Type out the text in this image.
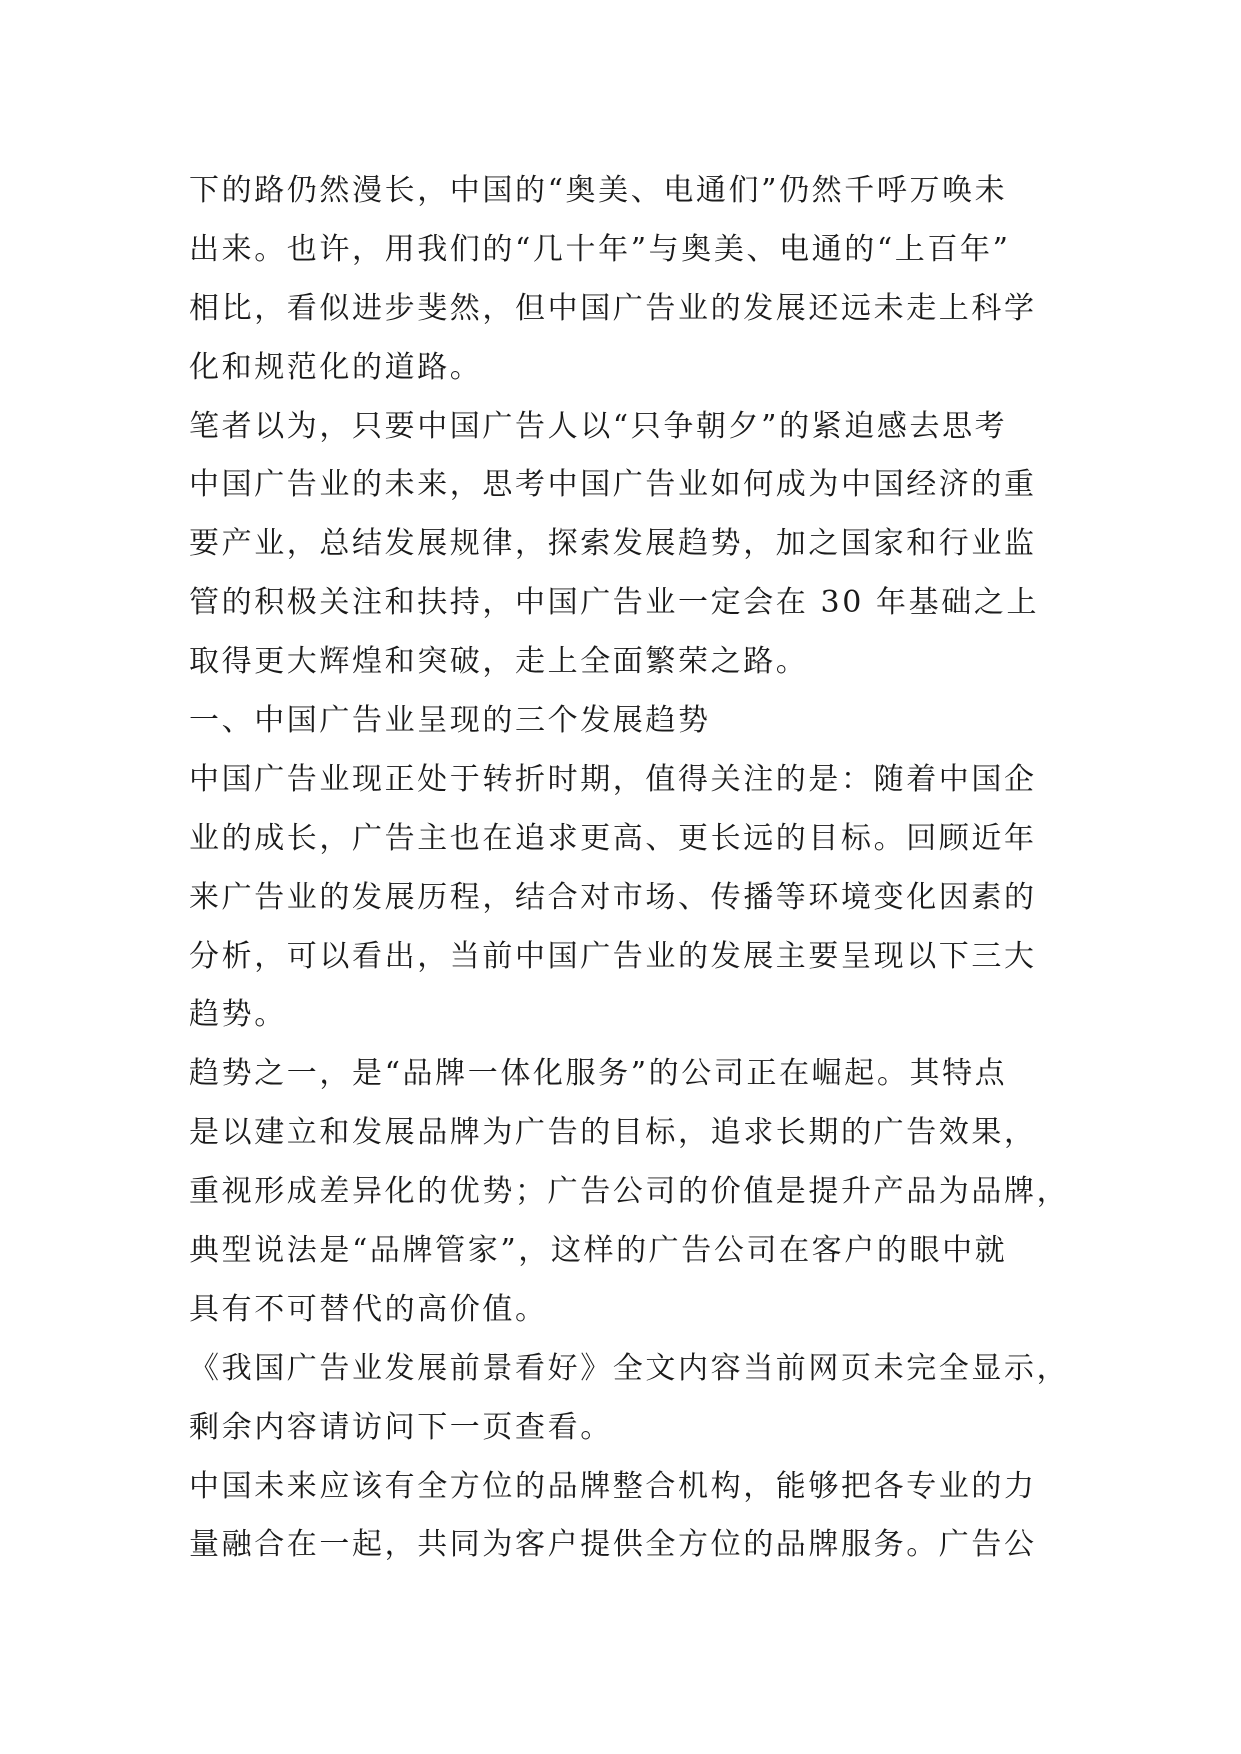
下的路仍然漫长，中国的“奥美、电通们”仍然千呼万唤未
出来。也许，用我们的“几十年”与奥美、电通的“上百年”
相比，看似进步斐然，但中国广告业的发展还远未走上科学
化和规范化的道路。
笔者以为，只要中国广告人以“只争朝夕”的紧迫感去思考
中国广告业的未来，思考中国广告业如何成为中国经济的重
要产业，总结发展规律，探索发展趋势，加之国家和行业监
管的积极关注和扶持，中国广告业一定会在 30 年基础之上
取得更大辉煌和突破，走上全面繁荣之路。
一、中国广告业呈现的三个发展趋势
中国广告业现正处于转折时期，值得关注的是：随着中国企
业的成长，广告主也在追求更高、更长远的目标。回顾近年
来广告业的发展历程，结合对市场、传播等环境变化因素的
分析，可以看出，当前中国广告业的发展主要呈现以下三大
趋势。
趋势之一，是“品牌一体化服务”的公司正在崛起。其特点
是以建立和发展品牌为广告的目标，追求长期的广告效果，
重视形成差异化的优势；广告公司的价值是提升产品为品牌，
典型说法是“品牌管家”，这样的广告公司在客户的眼中就
具有不可替代的高价值。
《我国广告业发展前景看好》全文内容当前网页未完全显示，
剩余内容请访问下一页查看。
中国未来应该有全方位的品牌整合机构，能够把各专业的力
量融合在一起，共同为客户提供全方位的品牌服务。广告公
